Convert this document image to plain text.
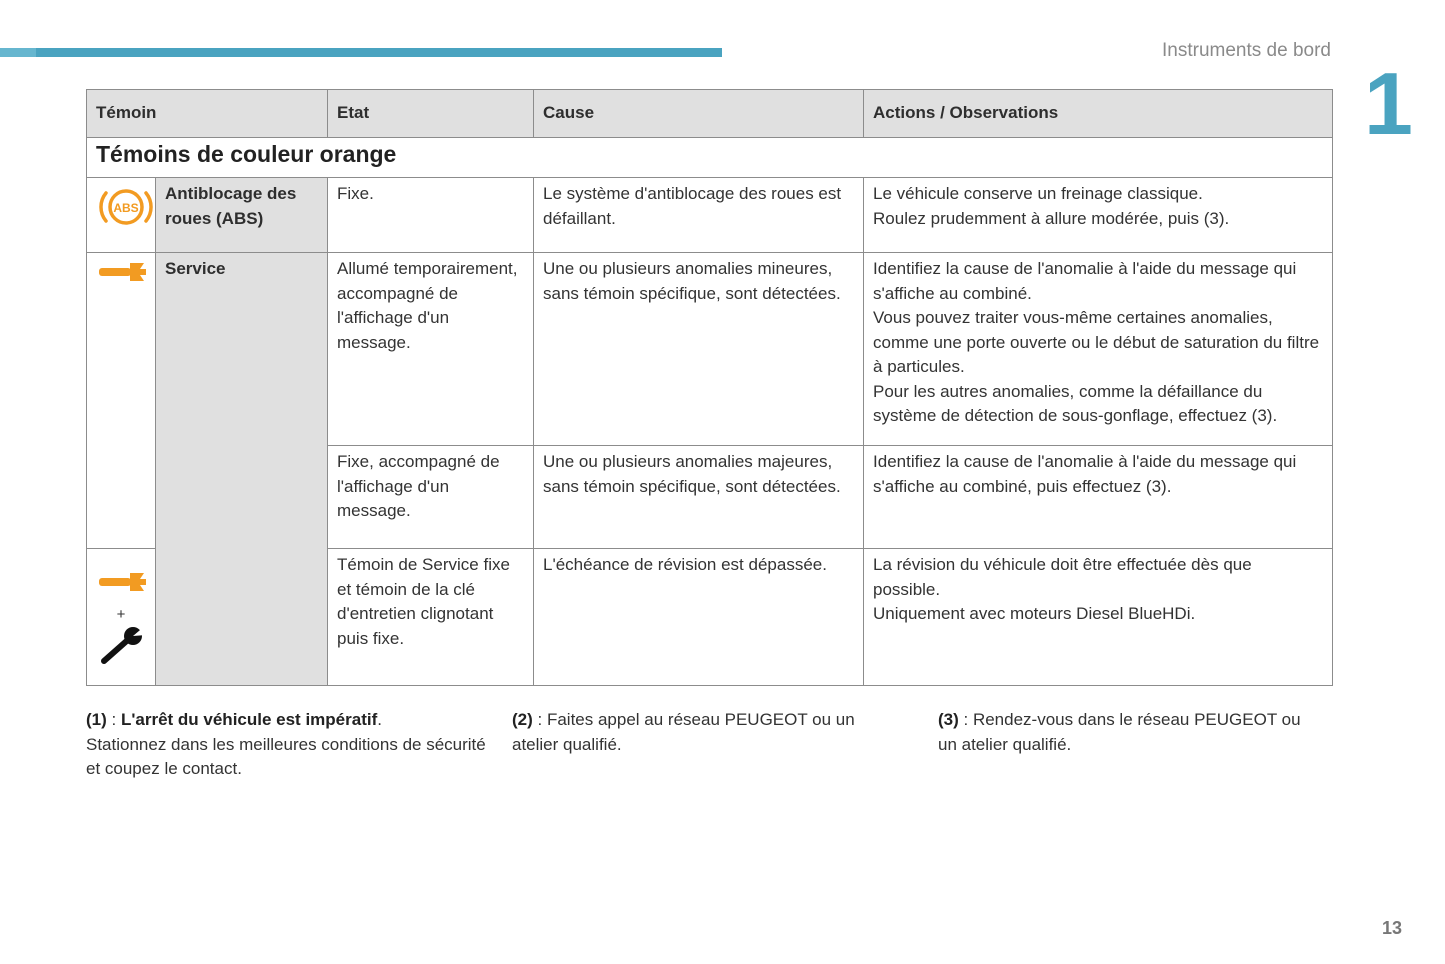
Instruments de bord
1
Témoin		Etat	Cause	Actions / Observations
Témoins de couleur orange				

ABS	Antiblocage des roues (ABS)	Fixe.	Le système d'antiblocage des roues est défaillant.	Le véhicule conserve un freinage classique.
Roulez prudemment à allure modérée, puis (3).

	Service	Allumé temporairement, accompagné de l'affichage d'un message.	Une ou plusieurs anomalies mineures, sans témoin spécifique, sont détectées.	Identifiez la cause de l'anomalie à l'aide du message qui s'affiche au combiné.
Vous pouvez traiter vous-même certaines anomalies, comme une porte ouverte ou le début de saturation du filtre à particules.
Pour les autres anomalies, comme la défaillance du système de détection de sous-gonflage, effectuez (3).

		Fixe, accompagné de l'affichage d'un message.	Une ou plusieurs anomalies majeures, sans témoin spécifique, sont détectées.	Identifiez la cause de l'anomalie à l'aide du message qui s'affiche au combiné, puis effectuez (3).

+		Témoin de Service fixe et témoin de la clé d'entretien clignotant puis fixe.	L'échéance de révision est dépassée.	La révision du véhicule doit être effectuée dès que possible.
Uniquement avec moteurs Diesel BlueHDi.
(1) : L'arrêt du véhicule est impératif.
Stationnez dans les meilleures conditions de sécurité et coupez le contact.
(2) : Faites appel au réseau PEUGEOT ou un atelier qualifié.
(3) : Rendez-vous dans le réseau PEUGEOT ou un atelier qualifié.
13
